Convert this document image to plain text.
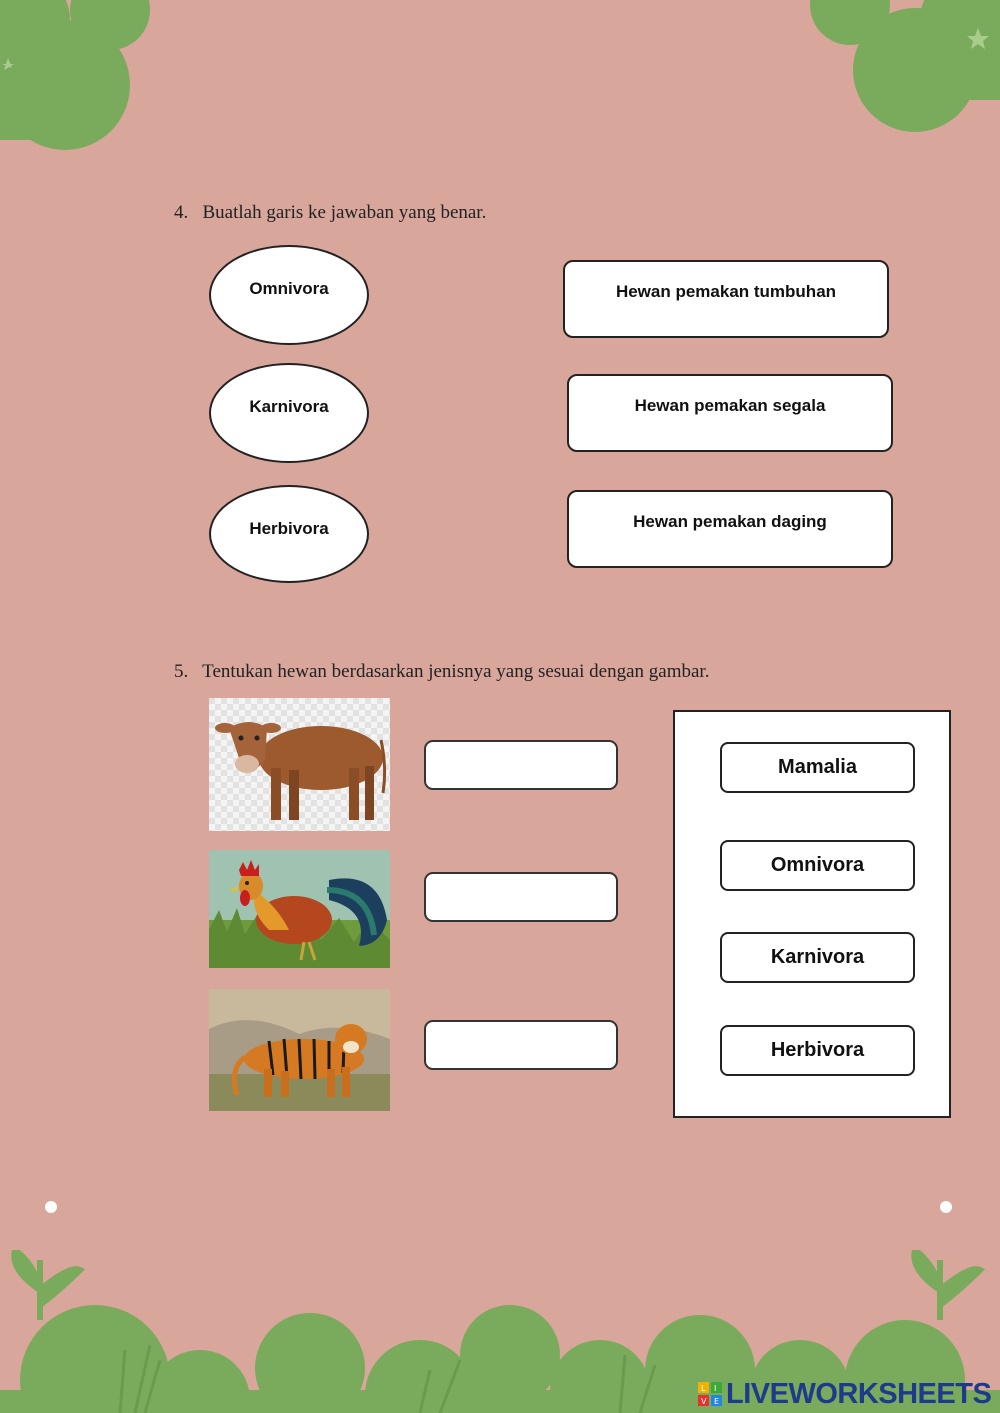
4. Buatlah garis ke jawaban yang benar.
Omnivora
Karnivora
Herbivora
Hewan pemakan tumbuhan
Hewan pemakan segala
Hewan pemakan daging
5. Tentukan hewan berdasarkan jenisnya yang sesuai dengan gambar.
Mamalia
Omnivora
Karnivora
Herbivora
L I
V E LIVEWORKSHEETS
